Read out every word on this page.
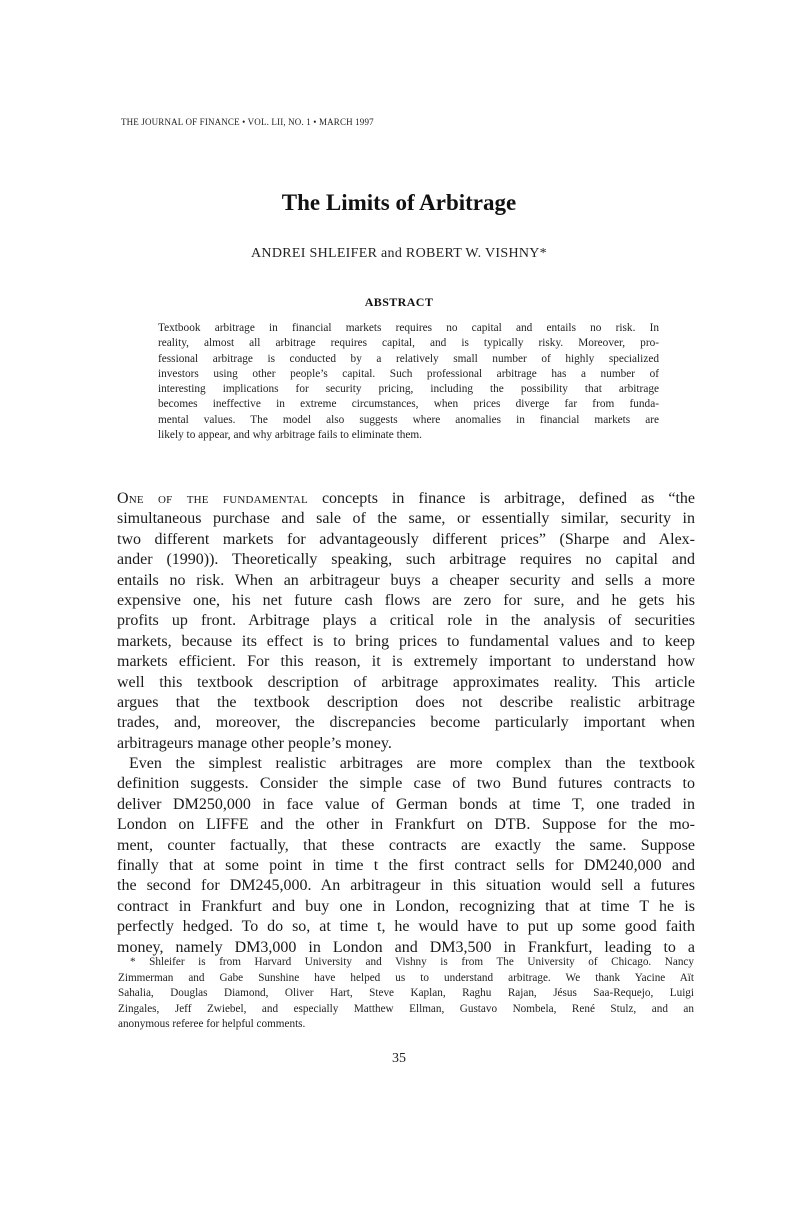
THE JOURNAL OF FINANCE • VOL. LII, NO. 1 • MARCH 1997
The Limits of Arbitrage
ANDREI SHLEIFER and ROBERT W. VISHNY*
ABSTRACT
Textbook arbitrage in financial markets requires no capital and entails no risk. In
reality, almost all arbitrage requires capital, and is typically risky. Moreover, pro-
fessional arbitrage is conducted by a relatively small number of highly specialized
investors using other people’s capital. Such professional arbitrage has a number of
interesting implications for security pricing, including the possibility that arbitrage
becomes ineffective in extreme circumstances, when prices diverge far from funda-
mental values. The model also suggests where anomalies in financial markets are
likely to appear, and why arbitrage fails to eliminate them.
One of the fundamental concepts in finance is arbitrage, defined as “the
simultaneous purchase and sale of the same, or essentially similar, security in
two different markets for advantageously different prices” (Sharpe and Alex-
ander (1990)). Theoretically speaking, such arbitrage requires no capital and
entails no risk. When an arbitrageur buys a cheaper security and sells a more
expensive one, his net future cash flows are zero for sure, and he gets his
profits up front. Arbitrage plays a critical role in the analysis of securities
markets, because its effect is to bring prices to fundamental values and to keep
markets efficient. For this reason, it is extremely important to understand how
well this textbook description of arbitrage approximates reality. This article
argues that the textbook description does not describe realistic arbitrage
trades, and, moreover, the discrepancies become particularly important when
arbitrageurs manage other people’s money.
Even the simplest realistic arbitrages are more complex than the textbook
definition suggests. Consider the simple case of two Bund futures contracts to
deliver DM250,000 in face value of German bonds at time T, one traded in
London on LIFFE and the other in Frankfurt on DTB. Suppose for the mo-
ment, counter factually, that these contracts are exactly the same. Suppose
finally that at some point in time t the first contract sells for DM240,000 and
the second for DM245,000. An arbitrageur in this situation would sell a futures
contract in Frankfurt and buy one in London, recognizing that at time T he is
perfectly hedged. To do so, at time t, he would have to put up some good faith
money, namely DM3,000 in London and DM3,500 in Frankfurt, leading to a
* Shleifer is from Harvard University and Vishny is from The University of Chicago. Nancy
Zimmerman and Gabe Sunshine have helped us to understand arbitrage. We thank Yacine Aït
Sahalia, Douglas Diamond, Oliver Hart, Steve Kaplan, Raghu Rajan, Jésus Saa-Requejo, Luigi
Zingales, Jeff Zwiebel, and especially Matthew Ellman, Gustavo Nombela, René Stulz, and an
anonymous referee for helpful comments.
35
